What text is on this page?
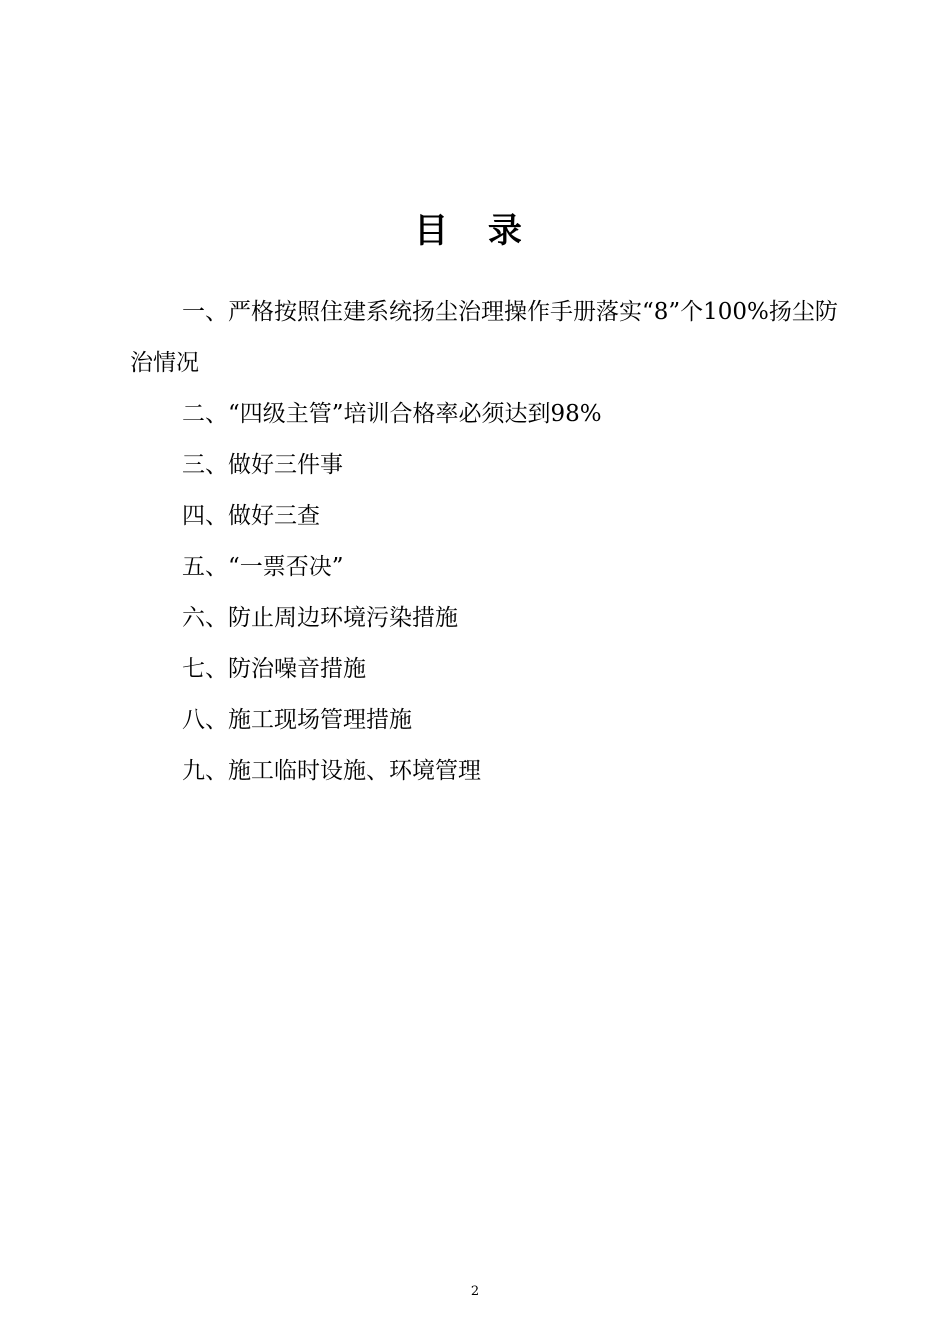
目 录

一、严格按照住建系统扬尘治理操作手册落实“8”个100%扬尘防治情况

二、“四级主管”培训合格率必须达到98%

三、做好三件事

四、做好三查

五、“一票否决”

六、防止周边环境污染措施

七、防治噪音措施

八、施工现场管理措施

九、施工临时设施、环境管理

2
